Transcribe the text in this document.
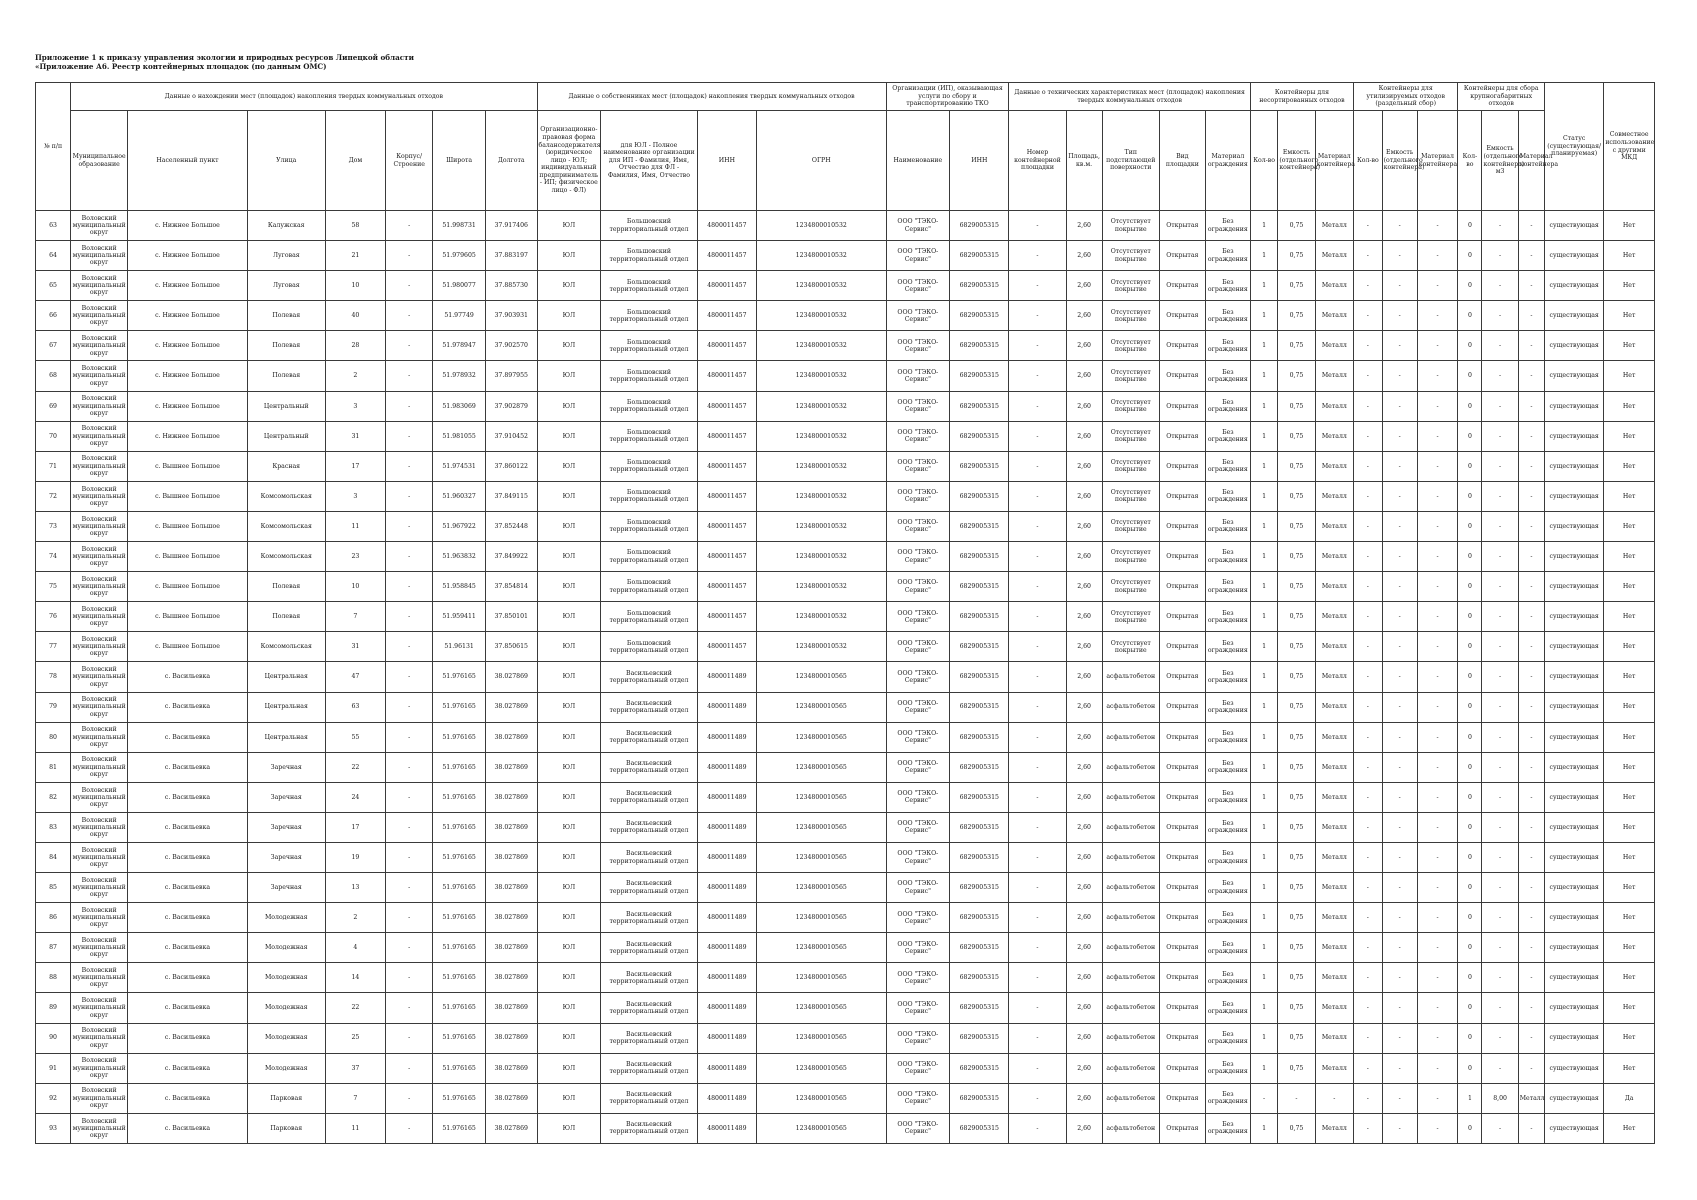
Приложение 1 к приказу управления экологии и природных ресурсов Липецкой области
«Приложение А6. Реестр контейнерных площадок (по данным ОМС)
№ п/п	Данные о нахождении мест (площадок) накопления твердых коммунальных отходов							Данные о собственниках мест (площадок) накопления твердых коммунальных отходов				Организации (ИП), оказывающая услуги по сбору и транспортированию ТКО		Данные о технических характеристиках мест (площадок) накопления твердых коммунальных отходов					Контейнеры для несортированных отходов			Контейнеры для утилизируемых отходов (раздельный сбор)			Контейнеры для сбора крупногабаритных отходов			Статус (существующая/ планируемая)	Совместное использование с другими МКД
	Муниципальное образование	Населенный пункт	Улица	Дом	Корпус/Строение	Широта	Долгота	Организационно-правовая форма балансодержателя (юридическое лицо - ЮЛ; индивидуальный предприниматель - ИП; физическое лицо - ФЛ)	для ЮЛ - Полное наименование организации для ИП - Фамилия, Имя, Отчество для ФЛ - Фамилия, Имя, Отчество	ИНН	ОГРН	Наименование	ИНН	Номер контейнерной площадки	Площадь, кв.м.	Тип подстилающей поверхности	Вид площадки	Материал ограждения	Кол-во	Емкость (отдельного контейнера)	Материал контейнера	Кол-во	Емкость (отдельного контейнера)	Материал контейнера	Кол-во	Емкость (отдельного контейнера) м3	Материал контейнера		
63	Воловский муниципальный округ	с. Нижнее Большое	Калужская	58	-	51.998731	37.917406	ЮЛ	Большовский территориальный отдел	4800011457	1234800010532	ООО "ТЭКО-Сервис"	6829005315	-	2,60	Отсутствует покрытие	Открытая	Без ограждения	1	0,75	Металл	-	-	-	0	-	-	существующая	Нет
64	Воловский муниципальный округ	с. Нижнее Большое	Луговая	21	-	51.979605	37.883197	ЮЛ	Большовский территориальный отдел	4800011457	1234800010532	ООО "ТЭКО-Сервис"	6829005315	-	2,60	Отсутствует покрытие	Открытая	Без ограждения	1	0,75	Металл	-	-	-	0	-	-	существующая	Нет
65	Воловский муниципальный округ	с. Нижнее Большое	Луговая	10	-	51.980077	37.885730	ЮЛ	Большовский территориальный отдел	4800011457	1234800010532	ООО "ТЭКО-Сервис"	6829005315	-	2,60	Отсутствует покрытие	Открытая	Без ограждения	1	0,75	Металл	-	-	-	0	-	-	существующая	Нет
66	Воловский муниципальный округ	с. Нижнее Большое	Полевая	40	-	51.97749	37.903931	ЮЛ	Большовский территориальный отдел	4800011457	1234800010532	ООО "ТЭКО-Сервис"	6829005315	-	2,60	Отсутствует покрытие	Открытая	Без ограждения	1	0,75	Металл	-	-	-	0	-	-	существующая	Нет
67	Воловский муниципальный округ	с. Нижнее Большое	Полевая	28	-	51.978947	37.902570	ЮЛ	Большовский территориальный отдел	4800011457	1234800010532	ООО "ТЭКО-Сервис"	6829005315	-	2,60	Отсутствует покрытие	Открытая	Без ограждения	1	0,75	Металл	-	-	-	0	-	-	существующая	Нет
68	Воловский муниципальный округ	с. Нижнее Большое	Полевая	2	-	51.978932	37.897955	ЮЛ	Большовский территориальный отдел	4800011457	1234800010532	ООО "ТЭКО-Сервис"	6829005315	-	2,60	Отсутствует покрытие	Открытая	Без ограждения	1	0,75	Металл	-	-	-	0	-	-	существующая	Нет
69	Воловский муниципальный округ	с. Нижнее Большое	Центральный	3	-	51.983069	37.902879	ЮЛ	Большовский территориальный отдел	4800011457	1234800010532	ООО "ТЭКО-Сервис"	6829005315	-	2,60	Отсутствует покрытие	Открытая	Без ограждения	1	0,75	Металл	-	-	-	0	-	-	существующая	Нет
70	Воловский муниципальный округ	с. Нижнее Большое	Центральный	31	-	51.981055	37.910452	ЮЛ	Большовский территориальный отдел	4800011457	1234800010532	ООО "ТЭКО-Сервис"	6829005315	-	2,60	Отсутствует покрытие	Открытая	Без ограждения	1	0,75	Металл	-	-	-	0	-	-	существующая	Нет
71	Воловский муниципальный округ	с. Вышнее Большое	Красная	17	-	51.974531	37.860122	ЮЛ	Большовский территориальный отдел	4800011457	1234800010532	ООО "ТЭКО-Сервис"	6829005315	-	2,60	Отсутствует покрытие	Открытая	Без ограждения	1	0,75	Металл	-	-	-	0	-	-	существующая	Нет
72	Воловский муниципальный округ	с. Вышнее Большое	Комсомольская	3	-	51.960327	37.849115	ЮЛ	Большовский территориальный отдел	4800011457	1234800010532	ООО "ТЭКО-Сервис"	6829005315	-	2,60	Отсутствует покрытие	Открытая	Без ограждения	1	0,75	Металл	-	-	-	0	-	-	существующая	Нет
73	Воловский муниципальный округ	с. Вышнее Большое	Комсомольская	11	-	51.967922	37.852448	ЮЛ	Большовский территориальный отдел	4800011457	1234800010532	ООО "ТЭКО-Сервис"	6829005315	-	2,60	Отсутствует покрытие	Открытая	Без ограждения	1	0,75	Металл	-	-	-	0	-	-	существующая	Нет
74	Воловский муниципальный округ	с. Вышнее Большое	Комсомольская	23	-	51.963832	37.849922	ЮЛ	Большовский территориальный отдел	4800011457	1234800010532	ООО "ТЭКО-Сервис"	6829005315	-	2,60	Отсутствует покрытие	Открытая	Без ограждения	1	0,75	Металл	-	-	-	0	-	-	существующая	Нет
75	Воловский муниципальный округ	с. Вышнее Большое	Полевая	10	-	51.958845	37.854814	ЮЛ	Большовский территориальный отдел	4800011457	1234800010532	ООО "ТЭКО-Сервис"	6829005315	-	2,60	Отсутствует покрытие	Открытая	Без ограждения	1	0,75	Металл	-	-	-	0	-	-	существующая	Нет
76	Воловский муниципальный округ	с. Вышнее Большое	Полевая	7	-	51.959411	37.850101	ЮЛ	Большовский территориальный отдел	4800011457	1234800010532	ООО "ТЭКО-Сервис"	6829005315	-	2,60	Отсутствует покрытие	Открытая	Без ограждения	1	0,75	Металл	-	-	-	0	-	-	существующая	Нет
77	Воловский муниципальный округ	с. Вышнее Большое	Комсомольская	31	-	51.96131	37.850615	ЮЛ	Большовский территориальный отдел	4800011457	1234800010532	ООО "ТЭКО-Сервис"	6829005315	-	2,60	Отсутствует покрытие	Открытая	Без ограждения	1	0,75	Металл	-	-	-	0	-	-	существующая	Нет
78	Воловский муниципальный округ	с. Васильевка	Центральная	47	-	51.976165	38.027869	ЮЛ	Васильевский территориальный отдел	4800011489	1234800010565	ООО "ТЭКО-Сервис"	6829005315	-	2,60	асфальтобетон	Открытая	Без ограждения	1	0,75	Металл	-	-	-	0	-	-	существующая	Нет
79	Воловский муниципальный округ	с. Васильевка	Центральная	63	-	51.976165	38.027869	ЮЛ	Васильевский территориальный отдел	4800011489	1234800010565	ООО "ТЭКО-Сервис"	6829005315	-	2,60	асфальтобетон	Открытая	Без ограждения	1	0,75	Металл	-	-	-	0	-	-	существующая	Нет
80	Воловский муниципальный округ	с. Васильевка	Центральная	55	-	51.976165	38.027869	ЮЛ	Васильевский территориальный отдел	4800011489	1234800010565	ООО "ТЭКО-Сервис"	6829005315	-	2,60	асфальтобетон	Открытая	Без ограждения	1	0,75	Металл	-	-	-	0	-	-	существующая	Нет
81	Воловский муниципальный округ	с. Васильевка	Заречная	22	-	51.976165	38.027869	ЮЛ	Васильевский территориальный отдел	4800011489	1234800010565	ООО "ТЭКО-Сервис"	6829005315	-	2,60	асфальтобетон	Открытая	Без ограждения	1	0,75	Металл	-	-	-	0	-	-	существующая	Нет
82	Воловский муниципальный округ	с. Васильевка	Заречная	24	-	51.976165	38.027869	ЮЛ	Васильевский территориальный отдел	4800011489	1234800010565	ООО "ТЭКО-Сервис"	6829005315	-	2,60	асфальтобетон	Открытая	Без ограждения	1	0,75	Металл	-	-	-	0	-	-	существующая	Нет
83	Воловский муниципальный округ	с. Васильевка	Заречная	17	-	51.976165	38.027869	ЮЛ	Васильевский территориальный отдел	4800011489	1234800010565	ООО "ТЭКО-Сервис"	6829005315	-	2,60	асфальтобетон	Открытая	Без ограждения	1	0,75	Металл	-	-	-	0	-	-	существующая	Нет
84	Воловский муниципальный округ	с. Васильевка	Заречная	19	-	51.976165	38.027869	ЮЛ	Васильевский территориальный отдел	4800011489	1234800010565	ООО "ТЭКО-Сервис"	6829005315	-	2,60	асфальтобетон	Открытая	Без ограждения	1	0,75	Металл	-	-	-	0	-	-	существующая	Нет
85	Воловский муниципальный округ	с. Васильевка	Заречная	13	-	51.976165	38.027869	ЮЛ	Васильевский территориальный отдел	4800011489	1234800010565	ООО "ТЭКО-Сервис"	6829005315	-	2,60	асфальтобетон	Открытая	Без ограждения	1	0,75	Металл	-	-	-	0	-	-	существующая	Нет
86	Воловский муниципальный округ	с. Васильевка	Молодежная	2	-	51.976165	38.027869	ЮЛ	Васильевский территориальный отдел	4800011489	1234800010565	ООО "ТЭКО-Сервис"	6829005315	-	2,60	асфальтобетон	Открытая	Без ограждения	1	0,75	Металл	-	-	-	0	-	-	существующая	Нет
87	Воловский муниципальный округ	с. Васильевка	Молодежная	4	-	51.976165	38.027869	ЮЛ	Васильевский территориальный отдел	4800011489	1234800010565	ООО "ТЭКО-Сервис"	6829005315	-	2,60	асфальтобетон	Открытая	Без ограждения	1	0,75	Металл	-	-	-	0	-	-	существующая	Нет
88	Воловский муниципальный округ	с. Васильевка	Молодежная	14	-	51.976165	38.027869	ЮЛ	Васильевский территориальный отдел	4800011489	1234800010565	ООО "ТЭКО-Сервис"	6829005315	-	2,60	асфальтобетон	Открытая	Без ограждения	1	0,75	Металл	-	-	-	0	-	-	существующая	Нет
89	Воловский муниципальный округ	с. Васильевка	Молодежная	22	-	51.976165	38.027869	ЮЛ	Васильевский территориальный отдел	4800011489	1234800010565	ООО "ТЭКО-Сервис"	6829005315	-	2,60	асфальтобетон	Открытая	Без ограждения	1	0,75	Металл	-	-	-	0	-	-	существующая	Нет
90	Воловский муниципальный округ	с. Васильевка	Молодежная	25	-	51.976165	38.027869	ЮЛ	Васильевский территориальный отдел	4800011489	1234800010565	ООО "ТЭКО-Сервис"	6829005315	-	2,60	асфальтобетон	Открытая	Без ограждения	1	0,75	Металл	-	-	-	0	-	-	существующая	Нет
91	Воловский муниципальный округ	с. Васильевка	Молодежная	37	-	51.976165	38.027869	ЮЛ	Васильевский территориальный отдел	4800011489	1234800010565	ООО "ТЭКО-Сервис"	6829005315	-	2,60	асфальтобетон	Открытая	Без ограждения	1	0,75	Металл	-	-	-	0	-	-	существующая	Нет
92	Воловский муниципальный округ	с. Васильевка	Парковая	7	-	51.976165	38.027869	ЮЛ	Васильевский территориальный отдел	4800011489	1234800010565	ООО "ТЭКО-Сервис"	6829005315	-	2,60	асфальтобетон	Открытая	Без ограждения	-	-	-	-	-	-	1	8,00	Металл	существующая	Да
93	Воловский муниципальный округ	с. Васильевка	Парковая	11	-	51.976165	38.027869	ЮЛ	Васильевский территориальный отдел	4800011489	1234800010565	ООО "ТЭКО-Сервис"	6829005315	-	2,60	асфальтобетон	Открытая	Без ограждения	1	0,75	Металл	-	-	-	0	-	-	существующая	Нет
